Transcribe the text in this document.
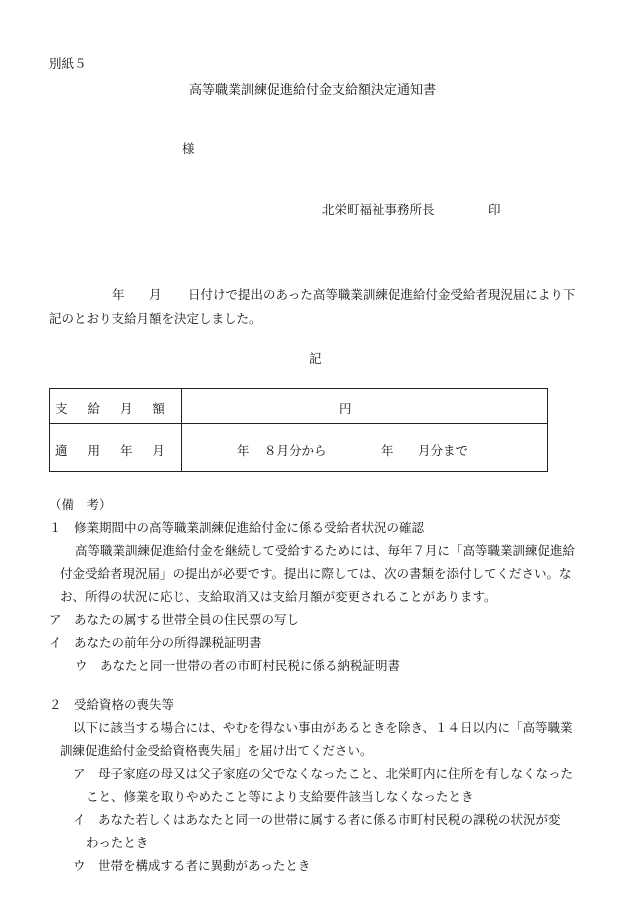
別紙５
高等職業訓練促進給付金支給額決定通知書
様
北栄町福祉事務所長	印
年 月 日付けで提出のあった高等職業訓練促進給付金受給者現況届により下
記のとおり支給月額を決定しました。
記
支 給 月 額	円
適 用 年 月	年 ８月分から	年 月分まで
（備　考）
１　修業期間中の高等職業訓練促進給付金に係る受給者状況の確認
高等職業訓練促進給付金を継続して受給するためには、毎年７月に「高等職業訓練促進給
付金受給者現況届」の提出が必要です。提出に際しては、次の書類を添付してください。な
お、所得の状況に応じ、支給取消又は支給月額が変更されることがあります。
ア　あなたの属する世帯全員の住民票の写し
イ　あなたの前年分の所得課税証明書
ウ　あなたと同一世帯の者の市町村民税に係る納税証明書
２　受給資格の喪失等
以下に該当する場合には、やむを得ない事由があるときを除き、１４日以内に「高等職業
訓練促進給付金受給資格喪失届」を届け出てください。
ア　母子家庭の母又は父子家庭の父でなくなったこと、北栄町内に住所を有しなくなった
こと、修業を取りやめたこと等により支給要件該当しなくなったとき
イ　あなた若しくはあなたと同一の世帯に属する者に係る市町村民税の課税の状況が変
わったとき
ウ　世帯を構成する者に異動があったとき
